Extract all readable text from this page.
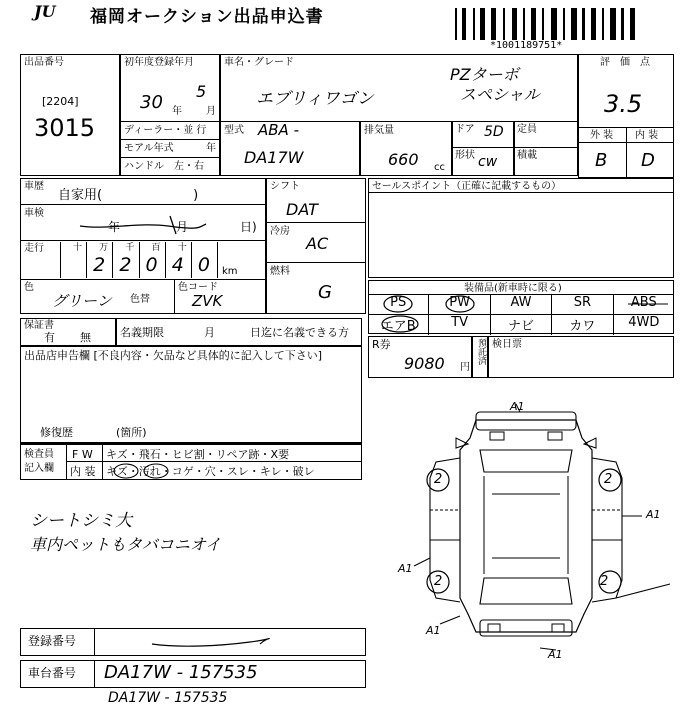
JU	福岡オークション出品申込書
*1001189751*
出品番号
[2204]
3015
初年度登録年月
30 年
5
月
車名・グレード
エブリィワゴン
PZターボ
スペシャル
評　価　点
3.5
外 装 内 装
B D
ディーラー・並 行
モアル年式	年
ハンドル　左・右
型式 ABA -
DA17W
排気量
660 cc
ドア 5D 定員
形状 cw 積載
車歴
自家用(　　　　　　　)
車検
年	月	日)
走行	十 万
2
千
2
百
0
十
4 0 km
色
グリーン 色替
色コード
ZVK
シフト
DAT
冷房
AC
燃料
G
セールスポイント（正確に記載するもの）
装備品(新車時に限る)
PS	PW	AW	SR	ABS
エアB	TV	ナビ	カワ	4WD
保証書
有 無	名義期限	月	日迄に名義できる方
R券
9080 円
預託済 検日票
出品店申告欄 [不良内容・欠品など具体的に記入して下さい]
修復歴	(箇所)
検査員
記入欄
F W キズ・飛石・ヒビ割・リペア跡・X要
内 装 キズ・汚れ・コゲ・穴・スレ・キレ・破レ
シートシミ大
車内ペットもタバコニオイ
A1
A1
A1
A1
A1
2	2
2	2
登録番号
車台番号 DA17W - 157535
DA17W - 157535
